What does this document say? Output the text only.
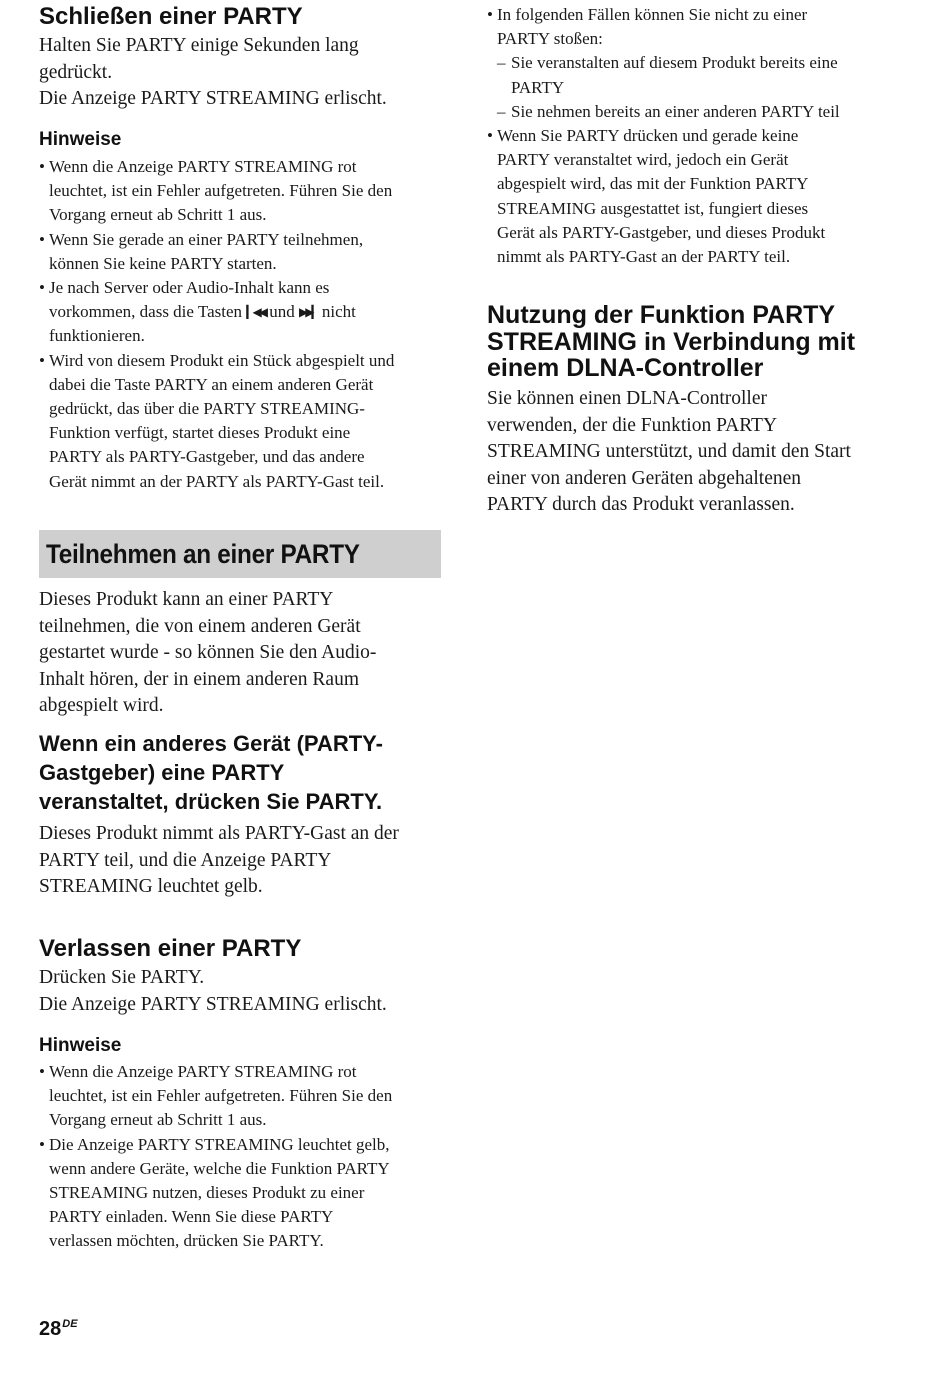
Schließen einer PARTY

Halten Sie PARTY einige Sekunden lang

gedrückt.

Die Anzeige PARTY STREAMING erlischt.

Hinweise
• Wenn die Anzeige PARTY STREAMING rot
leuchtet, ist ein Fehler aufgetreten. Führen Sie den
Vorgang erneut ab Schritt 1 aus.
• Wenn Sie gerade an einer PARTY teilnehmen,
können Sie keine PARTY starten.
• Je nach Server oder Audio-Inhalt kann es
vorkommen, dass die Tasten ▎◀◀ und ▶▶▎ nicht
funktionieren.
• Wird von diesem Produkt ein Stück abgespielt und
dabei die Taste PARTY an einem anderen Gerät
gedrückt, das über die PARTY STREAMING-
Funktion verfügt, startet dieses Produkt eine
PARTY als PARTY-Gastgeber, und das andere
Gerät nimmt an der PARTY als PARTY-Gast teil.

Dieses Produkt kann an einer PARTY

teilnehmen, die von einem anderen Gerät

gestartet wurde - so können Sie den Audio-

Inhalt hören, der in einem anderen Raum

abgespielt wird.

Wenn ein anderes Gerät (PARTY-
Gastgeber) eine PARTY
veranstaltet, drücken Sie PARTY.

Dieses Produkt nimmt als PARTY-Gast an der

PARTY teil, und die Anzeige PARTY

STREAMING leuchtet gelb.

Verlassen einer PARTY

Drücken Sie PARTY.

Die Anzeige PARTY STREAMING erlischt.

Hinweise
• Wenn die Anzeige PARTY STREAMING rot
leuchtet, ist ein Fehler aufgetreten. Führen Sie den
Vorgang erneut ab Schritt 1 aus.
• Die Anzeige PARTY STREAMING leuchtet gelb,
wenn andere Geräte, welche die Funktion PARTY
STREAMING nutzen, dieses Produkt zu einer
PARTY einladen. Wenn Sie diese PARTY
verlassen möchten, drücken Sie PARTY.
Teilnehmen an einer PARTY
• In folgenden Fällen können Sie nicht zu einer
PARTY stoßen:
– Sie veranstalten auf diesem Produkt bereits eine
PARTY
– Sie nehmen bereits an einer anderen PARTY teil
• Wenn Sie PARTY drücken und gerade keine
PARTY veranstaltet wird, jedoch ein Gerät
abgespielt wird, das mit der Funktion PARTY
STREAMING ausgestattet ist, fungiert dieses
Gerät als PARTY-Gastgeber, und dieses Produkt
nimmt als PARTY-Gast an der PARTY teil.
Nutzung der Funktion PARTY
STREAMING in Verbindung mit
einem DLNA-Controller

Sie können einen DLNA-Controller

verwenden, der die Funktion PARTY

STREAMING unterstützt, und damit den Start

einer von anderen Geräten abgehaltenen

PARTY durch das Produkt veranlassen.

28DE
